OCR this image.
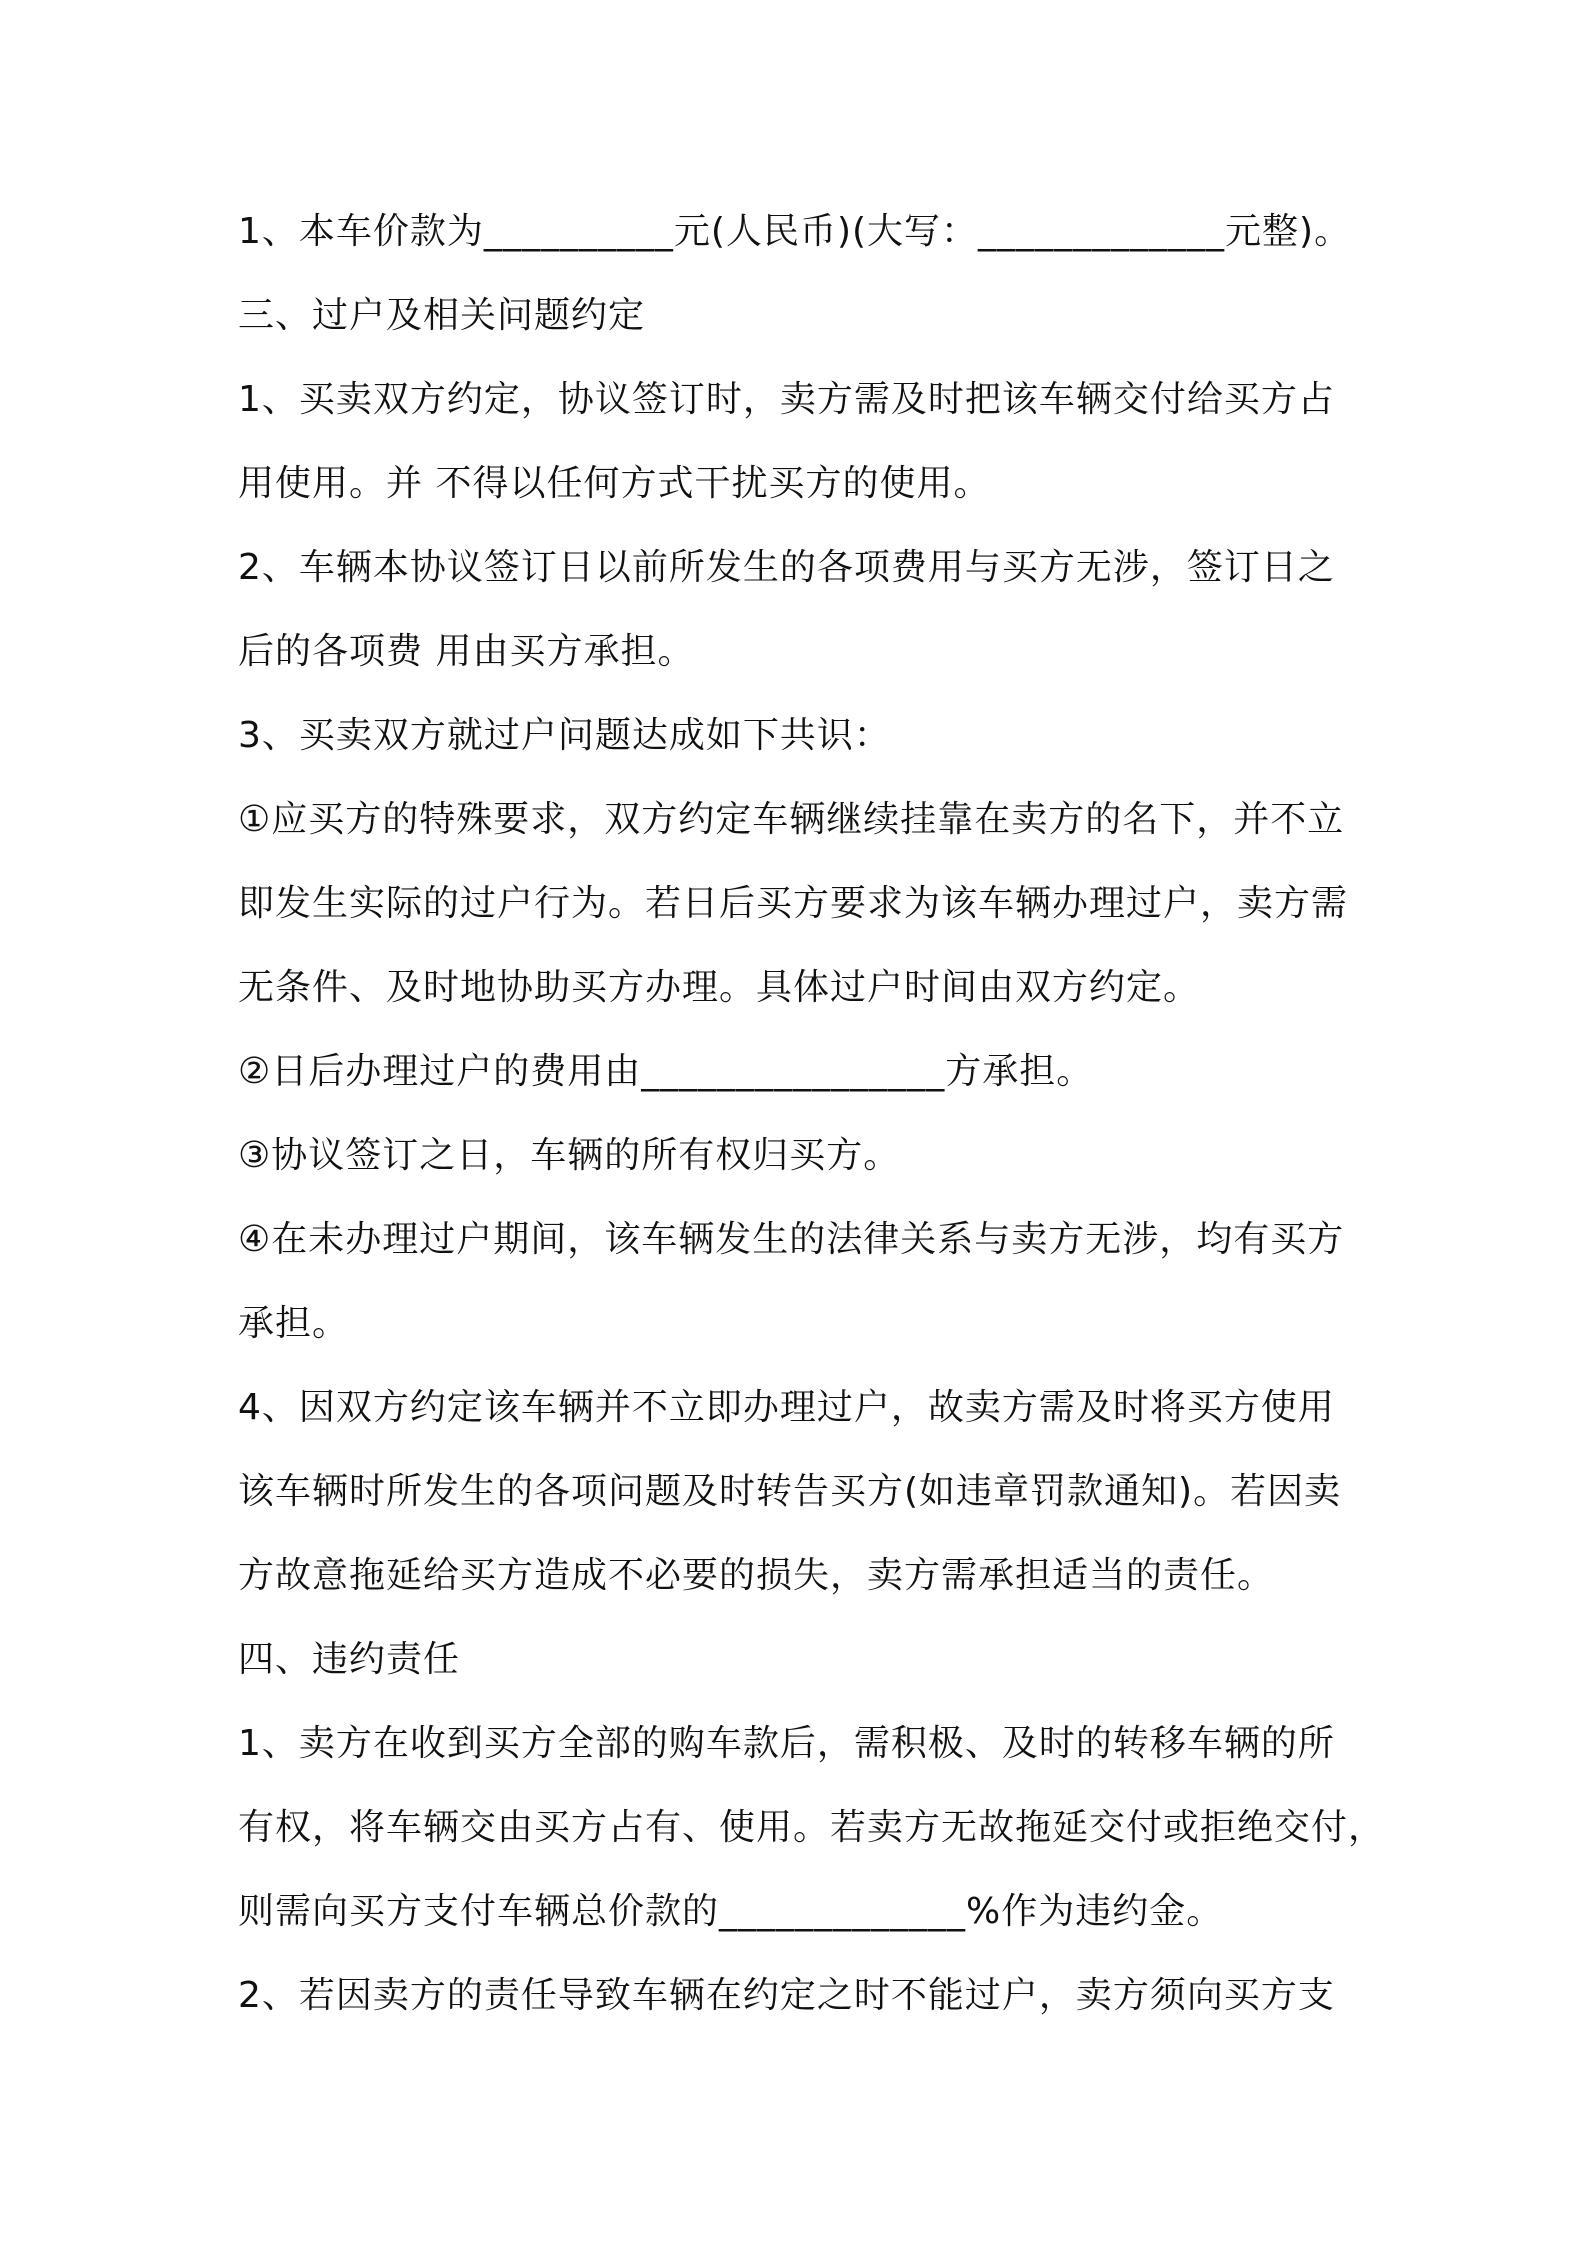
1、本车价款为__________元(人民币)(大写：_____________元整)。
三、过户及相关问题约定
1、买卖双方约定，协议签订时，卖方需及时把该车辆交付给买方占
用使用。并 不得以任何方式干扰买方的使用。
2、车辆本协议签订日以前所发生的各项费用与买方无涉，签订日之
后的各项费 用由买方承担。
3、买卖双方就过户问题达成如下共识：
①应买方的特殊要求，双方约定车辆继续挂靠在卖方的名下，并不立
即发生实际的过户行为。若日后买方要求为该车辆办理过户，卖方需
无条件、及时地协助买方办理。具体过户时间由双方约定。
②日后办理过户的费用由________________方承担。
③协议签订之日，车辆的所有权归买方。
④在未办理过户期间，该车辆发生的法律关系与卖方无涉，均有买方
承担。
4、因双方约定该车辆并不立即办理过户，故卖方需及时将买方使用
该车辆时所发生的各项问题及时转告买方(如违章罚款通知)。若因卖
方故意拖延给买方造成不必要的损失，卖方需承担适当的责任。
四、违约责任
1、卖方在收到买方全部的购车款后，需积极、及时的转移车辆的所
有权，将车辆交由买方占有、使用。若卖方无故拖延交付或拒绝交付，
则需向买方支付车辆总价款的_____________%作为违约金。
2、若因卖方的责任导致车辆在约定之时不能过户，卖方须向买方支
